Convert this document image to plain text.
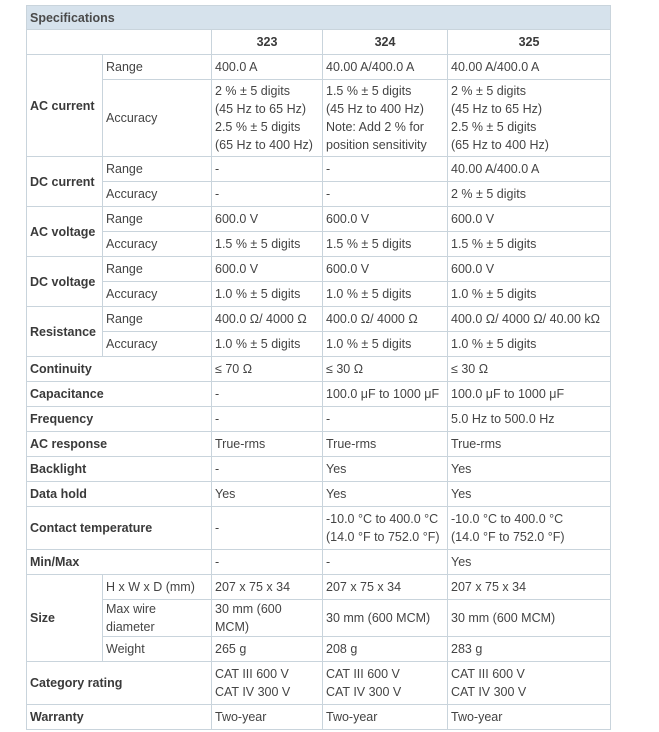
Specifications				
		323	324	325
AC current	Range	400.0 A	40.00 A/400.0 A	40.00 A/400.0 A
	Accuracy	2 % ± 5 digits
(45 Hz to 65 Hz)
2.5 % ± 5 digits
(65 Hz to 400 Hz)	1.5 % ± 5 digits
(45 Hz to 400 Hz)
Note: Add 2 % for
position sensitivity	2 % ± 5 digits
(45 Hz to 65 Hz)
2.5 % ± 5 digits
(65 Hz to 400 Hz)
DC current	Range	-	-	40.00 A/400.0 A
	Accuracy	-	-	2 % ± 5 digits
AC voltage	Range	600.0 V	600.0 V	600.0 V
	Accuracy	1.5 % ± 5 digits	1.5 % ± 5 digits	1.5 % ± 5 digits
DC voltage	Range	600.0 V	600.0 V	600.0 V
	Accuracy	1.0 % ± 5 digits	1.0 % ± 5 digits	1.0 % ± 5 digits
Resistance	Range	400.0 Ω/ 4000 Ω	400.0 Ω/ 4000 Ω	400.0 Ω/ 4000 Ω/ 40.00 kΩ
	Accuracy	1.0 % ± 5 digits	1.0 % ± 5 digits	1.0 % ± 5 digits
Continuity		≤ 70 Ω	≤ 30 Ω	≤ 30 Ω
Capacitance		-	100.0 μF to 1000 μF	100.0 μF to 1000 μF
Frequency		-	-	5.0 Hz to 500.0 Hz
AC response		True-rms	True-rms	True-rms
Backlight		-	Yes	Yes
Data hold		Yes	Yes	Yes
Contact temperature		-	-10.0 °C to 400.0 °C
(14.0 °F to 752.0 °F)	-10.0 °C to 400.0 °C
(14.0 °F to 752.0 °F)
Min/Max		-	-	Yes
Size	H x W x D (mm)	207 x 75 x 34	207 x 75 x 34	207 x 75 x 34
	Max wire diameter	30 mm (600 MCM)	30 mm (600 MCM)	30 mm (600 MCM)
	Weight	265 g	208 g	283 g
Category rating		CAT III 600 V
CAT IV 300 V	CAT III 600 V
CAT IV 300 V	CAT III 600 V
CAT IV 300 V
Warranty		Two-year	Two-year	Two-year
